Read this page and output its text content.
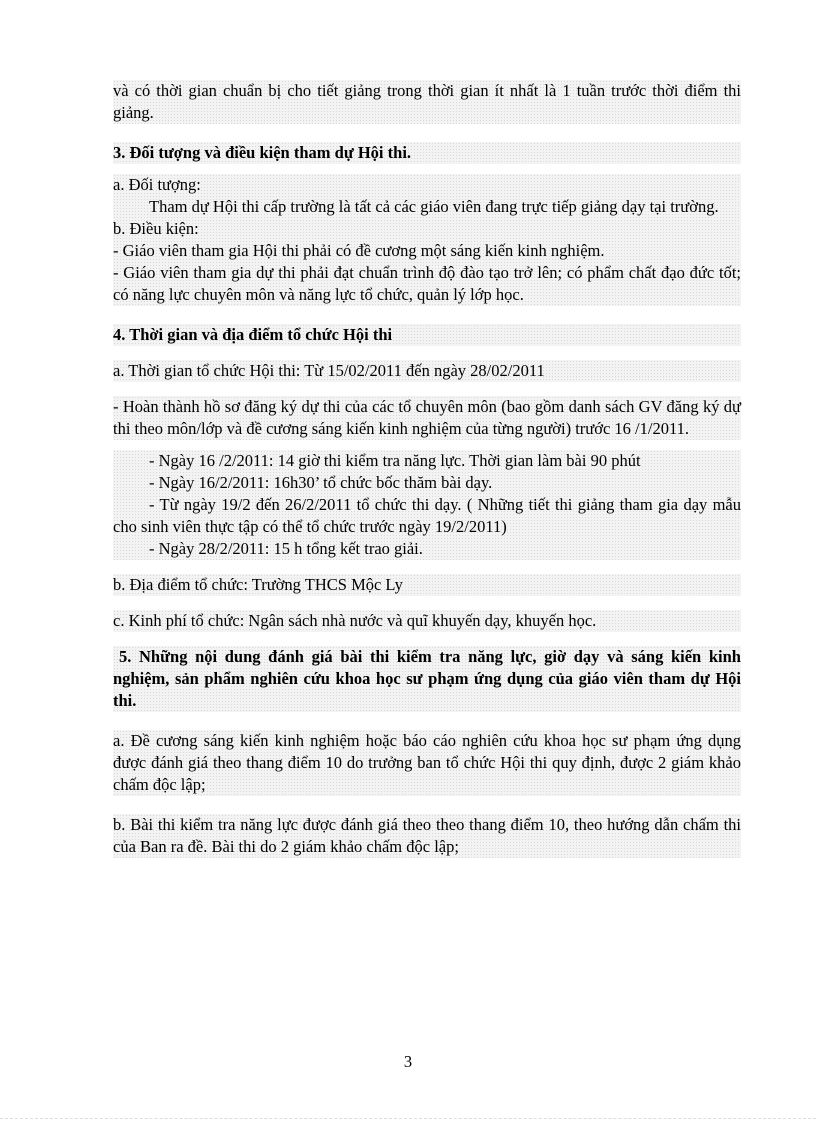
và có thời gian chuẩn bị cho tiết giảng trong thời gian ít nhất là 1 tuần trước thời điểm thi giảng.

3. Đối tượng và điều kiện tham dự Hội thi.

a. Đối tượng:

Tham dự Hội thi cấp trường là tất cả các giáo viên đang trực tiếp giảng dạy tại trường.

b. Điều kiện:

- Giáo viên tham gia Hội thi phải có đề cương một sáng kiến kinh nghiệm.

- Giáo viên tham gia dự thi phải đạt chuẩn trình độ đào tạo trở lên; có phẩm chất đạo đức tốt; có năng lực chuyên môn và năng lực tổ chức, quản lý lớp học.

4. Thời gian và địa điểm tổ chức Hội thi

a. Thời gian tổ chức Hội thi: Từ 15/02/2011 đến ngày 28/02/2011

- Hoàn thành hồ sơ đăng ký dự thi của các tổ chuyên môn (bao gồm danh sách GV đăng ký dự thi theo môn/lớp và đề cương sáng kiến kinh nghiệm của từng người) trước 16 /1/2011.

- Ngày 16 /2/2011: 14 giờ thi kiểm tra năng lực. Thời gian làm bài 90 phút

- Ngày 16/2/2011: 16h30’ tổ chức bốc thăm bài dạy.

- Từ ngày 19/2 đến 26/2/2011 tổ chức thi dạy. ( Những tiết thi giảng tham gia dạy mẫu cho sinh viên thực tập có thể tổ chức trước ngày 19/2/2011)

- Ngày 28/2/2011: 15 h tổng kết trao giải.

b. Địa điểm tổ chức: Trường THCS Mộc Ly

c. Kinh phí tổ chức: Ngân sách nhà nước và quĩ khuyến dạy, khuyến học.

5. Những nội dung đánh giá bài thi kiểm tra năng lực, giờ dạy và sáng kiến kinh nghiệm, sản phẩm nghiên cứu khoa học sư phạm ứng dụng của giáo viên tham dự Hội thi.

a. Đề cương sáng kiến kinh nghiệm hoặc báo cáo nghiên cứu khoa học sư phạm ứng dụng được đánh giá theo thang điểm 10 do trưởng ban tổ chức Hội thi quy định, được 2 giám khảo chấm độc lập;

b. Bài thi kiểm tra năng lực được đánh giá theo theo thang điểm 10, theo hướng dẫn chấm thi của Ban ra đề. Bài thi do 2 giám khảo chấm độc lập;

3
